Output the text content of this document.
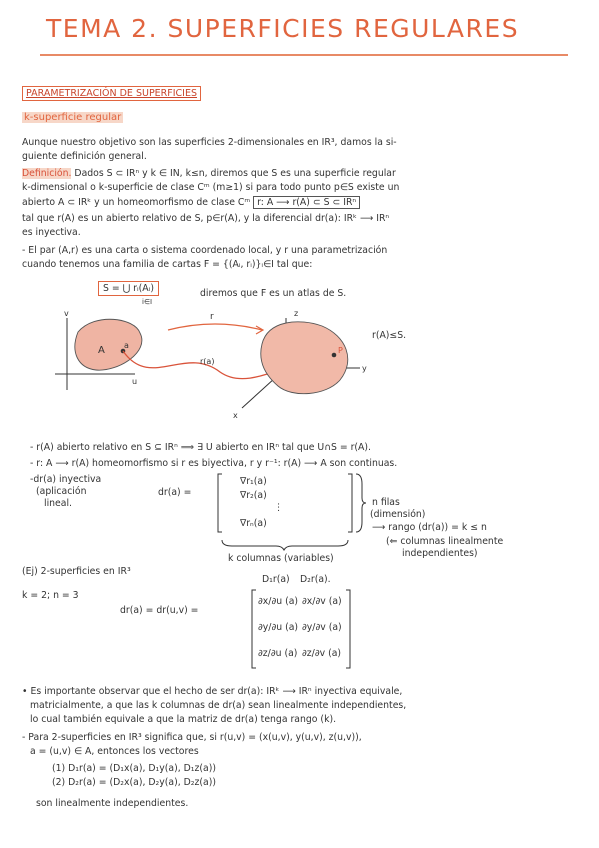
TEMA 2. SUPERFICIES REGULARES
PARAMETRIZACIÓN DE SUPERFICIES
k-superficie regular
Aunque nuestro objetivo son las superficies 2-dimensionales en IR³, damos la si-
guiente definición general.
Definición. Dados S ⊂ IRⁿ y k ∈ IN, k≤n, diremos que S es una superficie regular
k-dimensional o k-superficie de clase Cᵐ (m≥1) si para todo punto p∈S existe un
abierto A ⊂ IRᵏ y un homeomorfismo de clase Cᵐ r: A ⟶ r(A) ⊂ S ⊂ IRⁿ
tal que r(A) es un abierto relativo de S, p∈r(A), y la diferencial dr(a): IRᵏ ⟶ IRⁿ
es inyectiva.
- El par (A,r) es una carta o sistema coordenado local, y r una parametrización
cuando tenemos una familia de cartas F = {(Aᵢ, rᵢ)}ᵢ∈I tal que:
S = ⋃ rᵢ(Aᵢ)
i∈I
diremos que F es un atlas de S.
v
u
A a
r
r(a)
z
y
x
P
r(A)≤S.
- r(A) abierto relativo en S ⊆ IRⁿ ⟹ ∃ U abierto en IRⁿ tal que U∩S = r(A).
- r: A ⟶ r(A) homeomorfismo si r es biyectiva, r y r⁻¹: r(A) ⟶ A son continuas.
-dr(a) inyectiva
(aplicación
lineal.
dr(a) =
∇r₁(a)
∇r₂(a)
⋮
∇rₙ(a)
n filas
(dimensión)
⟶ rango (dr(a)) = k ≤ n
(⇐ columnas linealmente
independientes)
k columnas (variables)
(Ej) 2-superficies en IR³
k = 2; n = 3
D₁r(a) D₂r(a).
dr(a) = dr(u,v) =
∂x/∂u (a) ∂x/∂v (a)
∂y/∂u (a) ∂y/∂v (a)
∂z/∂u (a) ∂z/∂v (a)
• Es importante observar que el hecho de ser dr(a): IRᵏ ⟶ IRⁿ inyectiva equivale,
matricialmente, a que las k columnas de dr(a) sean linealmente independientes,
lo cual también equivale a que la matriz de dr(a) tenga rango (k).
- Para 2-superficies en IR³ significa que, si r(u,v) = (x(u,v), y(u,v), z(u,v)),
a = (u,v) ∈ A, entonces los vectores
(1) D₁r(a) = (D₁x(a), D₁y(a), D₁z(a))
(2) D₂r(a) = (D₂x(a), D₂y(a), D₂z(a))
son linealmente independientes.
